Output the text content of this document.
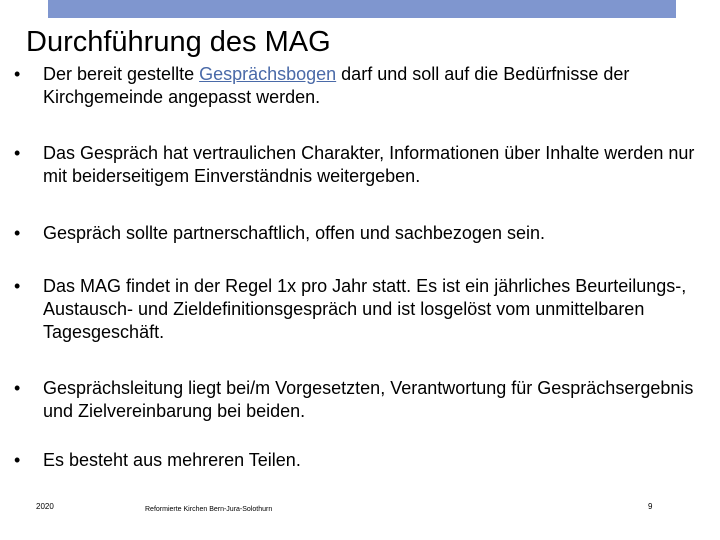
Durchführung des MAG
•	Der bereit gestellte Gesprächsbogen darf und soll auf die Bedürfnisse der Kirchgemeinde angepasst werden.
•	Das Gespräch hat vertraulichen Charakter, Informationen über Inhalte werden nur mit beiderseitigem Einverständnis weitergeben.
•	Gespräch sollte partnerschaftlich, offen und sachbezogen sein.
•	Das MAG findet in der Regel 1x pro Jahr statt. Es ist ein jährliches Beurteilungs-, Austausch- und Zieldefinitionsgespräch und ist losgelöst vom unmittelbaren Tagesgeschäft.
•	Gesprächsleitung liegt bei/m Vorgesetzten, Verantwortung für Gesprächsergebnis und Zielvereinbarung bei beiden.
•	Es besteht aus mehreren Teilen.
2020	Reformierte Kirchen Bern-Jura-Solothurn	9
